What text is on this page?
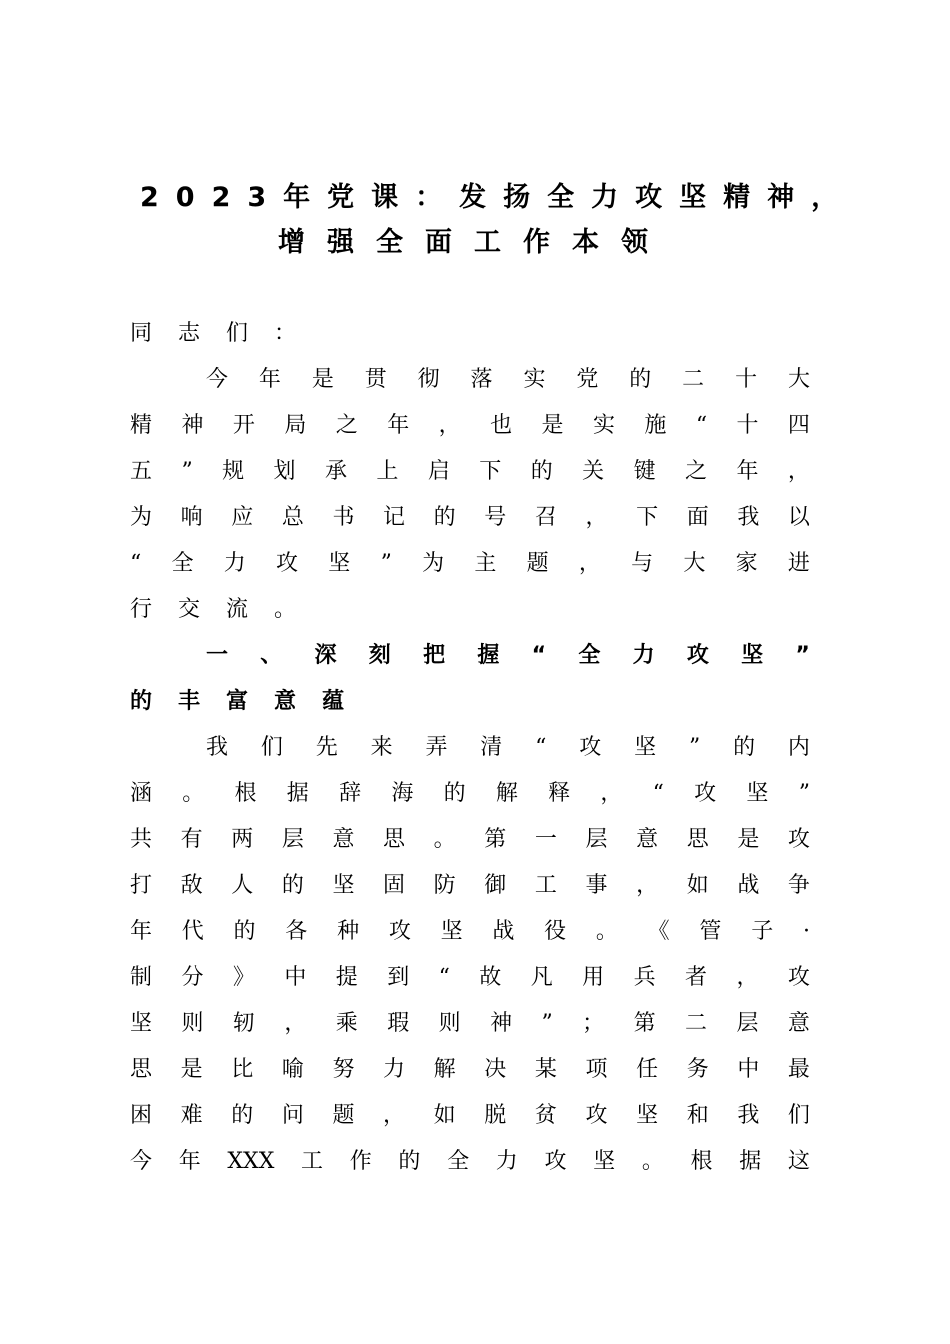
2023年党课：发扬全力攻坚精神，
增强全面工作本领
同 志 们 ：
今 年 是 贯 彻 落 实 党 的 二 十 大
精 神 开 局 之 年 ， 也 是 实 施 “ 十 四
五 ” 规 划 承 上 启 下 的 关 键 之 年 ，
为 响 应 总 书 记 的 号 召 ， 下 面 我 以
“ 全 力 攻 坚 ” 为 主 题 ， 与 大 家 进
行 交 流 。
一 、 深 刻 把 握 “ 全 力 攻 坚 ”
的 丰 富 意 蕴
我 们 先 来 弄 清 “ 攻 坚 ” 的 内
涵 。 根 据 辞 海 的 解 释 ， “ 攻 坚 ”
共 有 两 层 意 思 。 第 一 层 意 思 是 攻
打 敌 人 的 坚 固 防 御 工 事 ， 如 战 争
年 代 的 各 种 攻 坚 战 役 。 《 管 子 ·
制 分 》 中 提 到 “ 故 凡 用 兵 者 ， 攻
坚 则 轫 ， 乘 瑕 则 神 ” ； 第 二 层 意
思 是 比 喻 努 力 解 决 某 项 任 务 中 最
困 难 的 问 题 ， 如 脱 贫 攻 坚 和 我 们
今 年 XXX 工 作 的 全 力 攻 坚 。 根 据 这
